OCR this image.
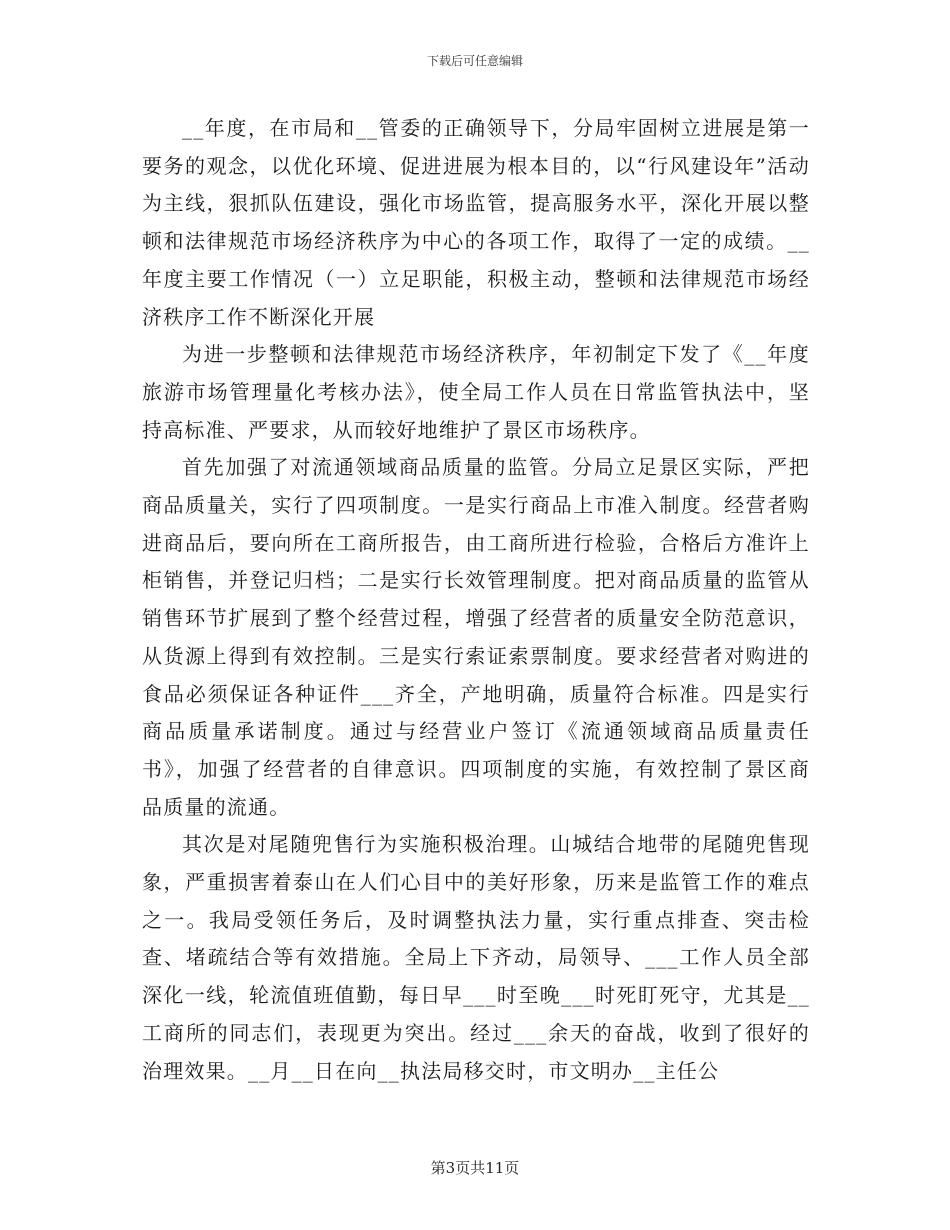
下载后可任意编辑

__年度，在市局和__管委的正确领导下，分局牢固树立进展是第一要务的观念，以优化环境、促进进展为根本目的，以“行风建设年”活动为主线，狠抓队伍建设，强化市场监管，提高服务水平，深化开展以整顿和法律规范市场经济秩序为中心的各项工作，取得了一定的成绩。__年度主要工作情况（一）立足职能，积极主动，整顿和法律规范市场经济秩序工作不断深化开展

为进一步整顿和法律规范市场经济秩序，年初制定下发了《__年度旅游市场管理量化考核办法》，使全局工作人员在日常监管执法中，坚持高标准、严要求，从而较好地维护了景区市场秩序。

首先加强了对流通领域商品质量的监管。分局立足景区实际，严把商品质量关，实行了四项制度。一是实行商品上市准入制度。经营者购进商品后，要向所在工商所报告，由工商所进行检验，合格后方准许上柜销售，并登记归档；二是实行长效管理制度。把对商品质量的监管从销售环节扩展到了整个经营过程，增强了经营者的质量安全防范意识，从货源上得到有效控制。三是实行索证索票制度。要求经营者对购进的食品必须保证各种证件___齐全，产地明确，质量符合标准。四是实行商品质量承诺制度。通过与经营业户签订《流通领域商品质量责任书》，加强了经营者的自律意识。四项制度的实施，有效控制了景区商品质量的流通。

其次是对尾随兜售行为实施积极治理。山城结合地带的尾随兜售现象，严重损害着泰山在人们心目中的美好形象，历来是监管工作的难点之一。我局受领任务后，及时调整执法力量，实行重点排查、突击检查、堵疏结合等有效措施。全局上下齐动，局领导、___工作人员全部深化一线，轮流值班值勤，每日早___时至晚___时死盯死守，尤其是__工商所的同志们，表现更为突出。经过___余天的奋战，收到了很好的治理效果。__月__日在向__执法局移交时，市文明办__主任公

第3页共11页
